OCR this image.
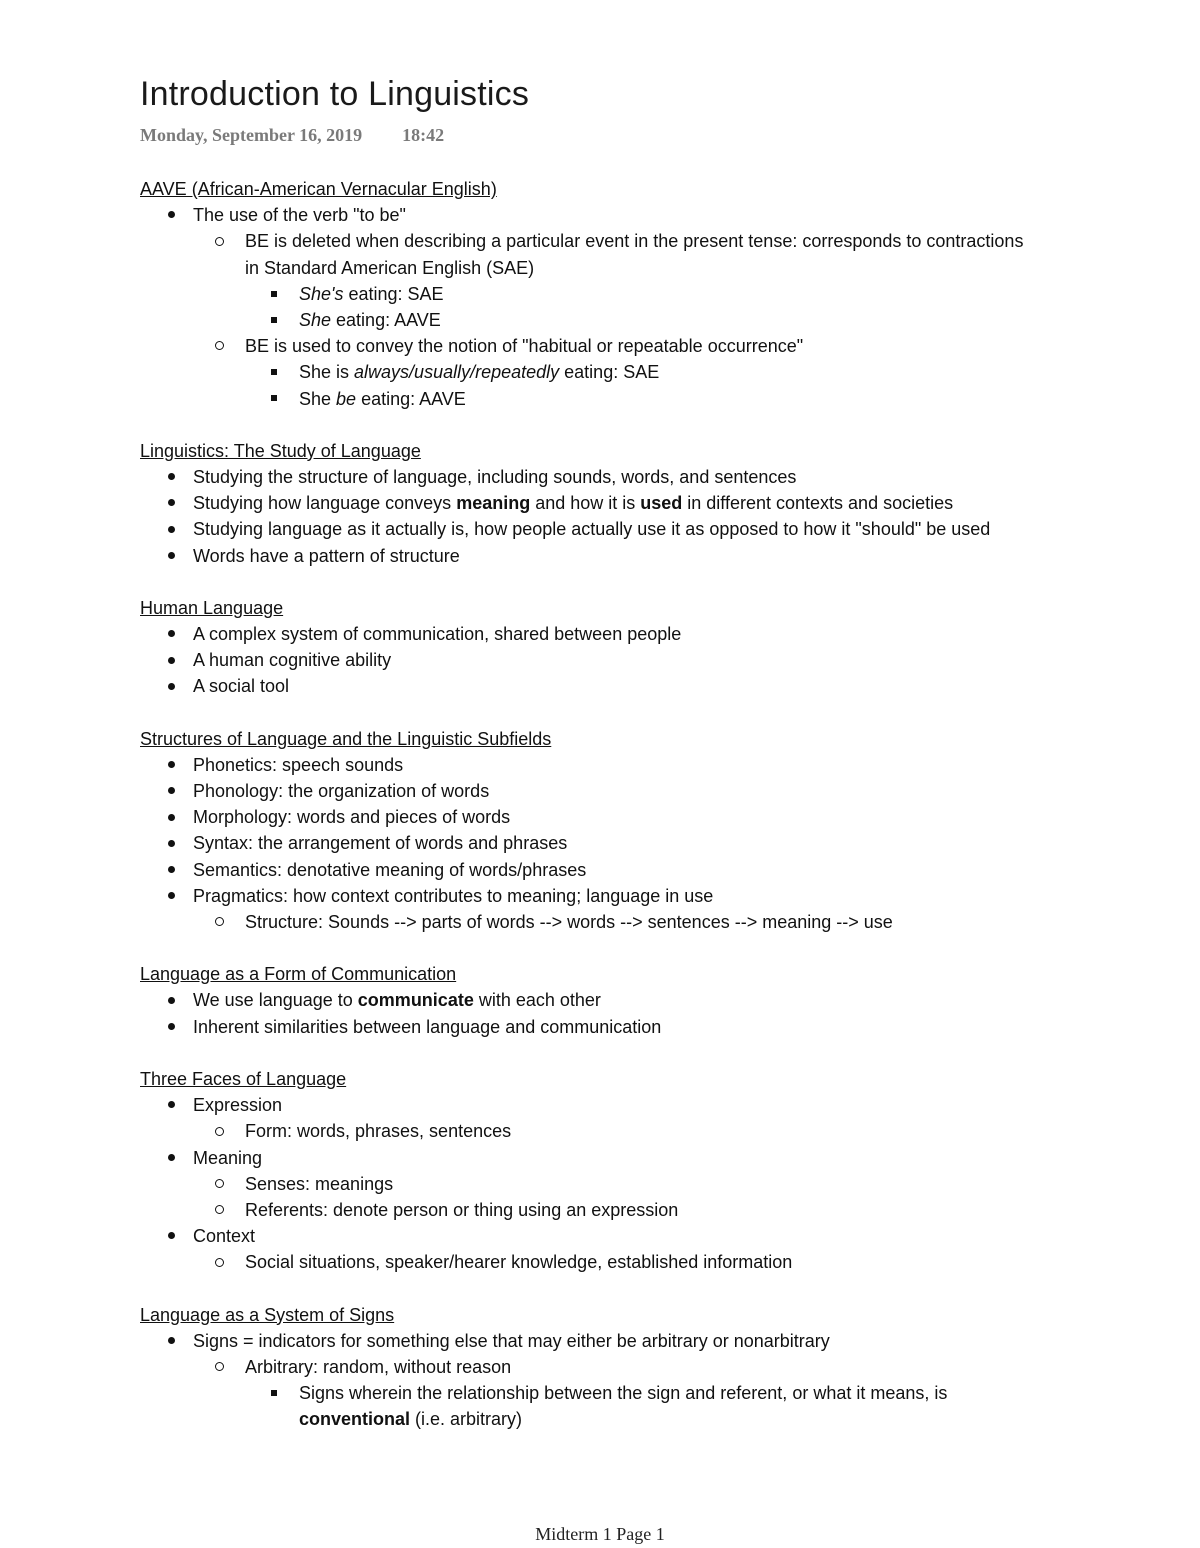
Introduction to Linguistics
Monday, September 16, 2019 18:42

AAVE (African-American Vernacular English)

The use of the verb "to be"
BE is deleted when describing a particular event in the present tense: corresponds to contractions in Standard American English (SAE)
She's eating: SAE
She eating: AAVE
BE is used to convey the notion of "habitual or repeatable occurrence"
She is always/usually/repeatedly eating: SAE
She be eating: AAVE

Linguistics: The Study of Language

Studying the structure of language, including sounds, words, and sentences
Studying how language conveys meaning and how it is used in different contexts and societies
Studying language as it actually is, how people actually use it as opposed to how it "should" be used
Words have a pattern of structure

Human Language

A complex system of communication, shared between people
A human cognitive ability
A social tool

Structures of Language and the Linguistic Subfields

Phonetics: speech sounds
Phonology: the organization of words
Morphology: words and pieces of words
Syntax: the arrangement of words and phrases
Semantics: denotative meaning of words/phrases
Pragmatics: how context contributes to meaning; language in use
Structure: Sounds --> parts of words --> words --> sentences --> meaning --> use

Language as a Form of Communication

We use language to communicate with each other
Inherent similarities between language and communication

Three Faces of Language

Expression
Form: words, phrases, sentences
Meaning
Senses: meanings
Referents: denote person or thing using an expression
Context
Social situations, speaker/hearer knowledge, established information

Language as a System of Signs

Signs = indicators for something else that may either be arbitrary or nonarbitrary
Arbitrary: random, without reason
Signs wherein the relationship between the sign and referent, or what it means, is conventional (i.e. arbitrary)
Midterm 1 Page 1
